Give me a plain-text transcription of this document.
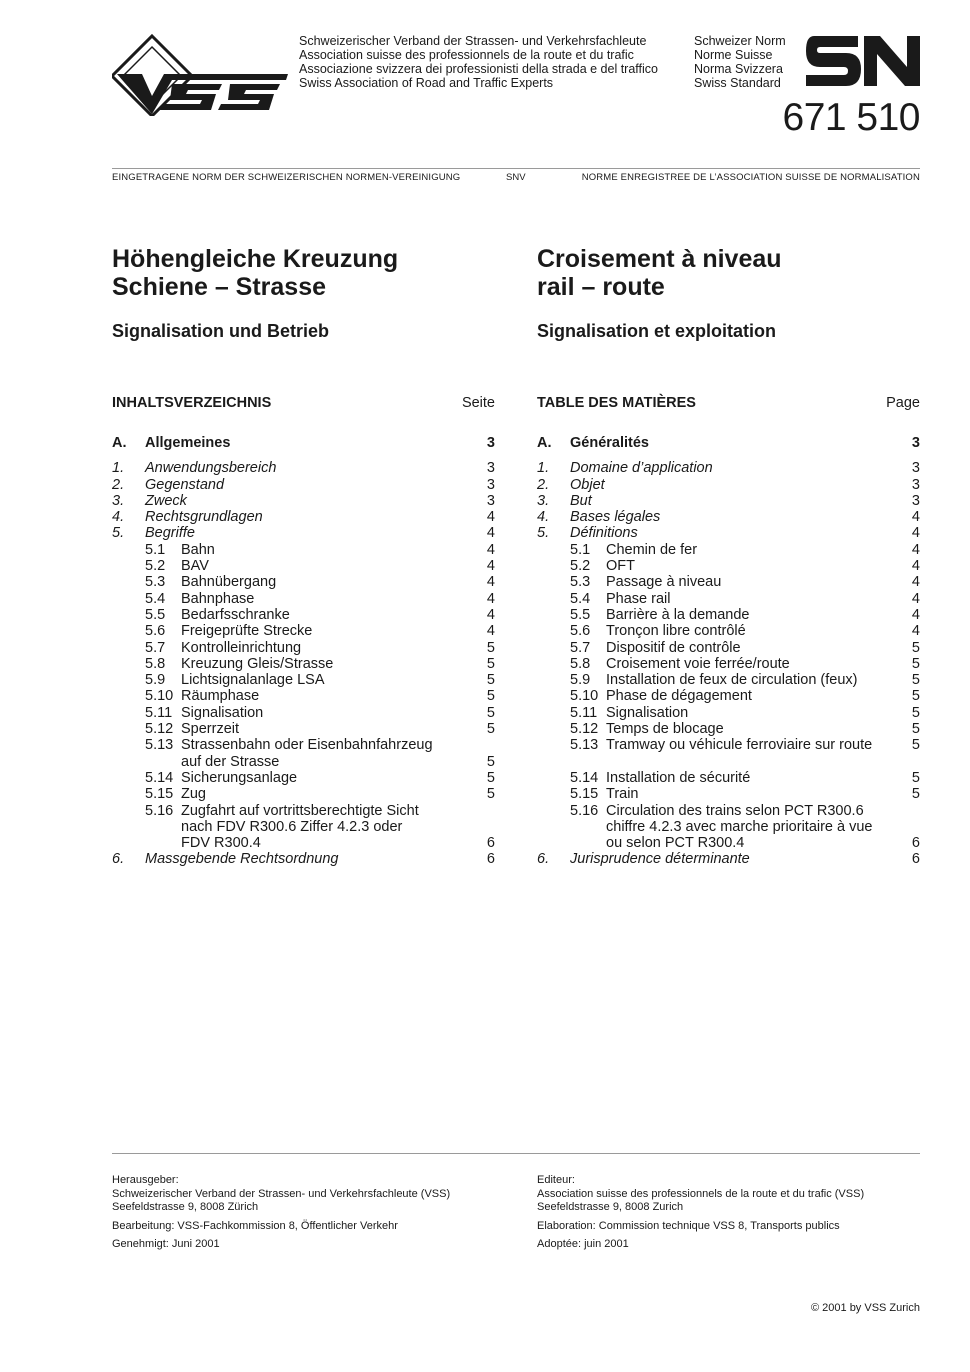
Schweizerischer Verband der Strassen- und Verkehrsfachleute
Association suisse des professionnels de la route et du trafic
Associazione svizzera dei professionisti della strada e del traffico
Swiss Association of Road and Traffic Experts
Schweizer Norm
Norme Suisse
Norma Svizzera
Swiss Standard
671 510
EINGETRAGENE NORM DER SCHWEIZERISCHEN NORMEN-VEREINIGUNG	SNV	NORME ENREGISTREE DE L’ASSOCIATION SUISSE DE NORMALISATION
Höhengleiche Kreuzung
Schiene – Strasse
Signalisation und Betrieb
INHALTSVERZEICHNIS	Seite
A. Allgemeines	3
1. Anwendungsbereich	3
2. Gegenstand	3
3. Zweck	3
4. Rechtsgrundlagen	4
5. Begriffe	4
5.1 Bahn	4
5.2 BAV	4
5.3 Bahnübergang	4
5.4 Bahnphase	4
5.5 Bedarfsschranke	4
5.6 Freigeprüfte Strecke	4
5.7 Kontrolleinrichtung	5
5.8 Kreuzung Gleis/Strasse	5
5.9 Lichtsignalanlage LSA	5
5.10 Räumphase	5
5.11 Signalisation	5
5.12 Sperrzeit	5
5.13 Strassenbahn oder Eisenbahnfahrzeug
auf der Strasse	5
5.14 Sicherungsanlage	5
5.15 Zug	5
5.16 Zugfahrt auf vortrittsberechtigte Sicht
nach FDV R300.6 Ziffer 4.2.3 oder
FDV R300.4	6
6. Massgebende Rechtsordnung	6
Croisement à niveau
rail – route
Signalisation et exploitation
TABLE DES MATIÈRES	Page
A. Généralités	3
1. Domaine d’application	3
2. Objet	3
3. But	3
4. Bases légales	4
5. Définitions	4
5.1 Chemin de fer	4
5.2 OFT	4
5.3 Passage à niveau	4
5.4 Phase rail	4
5.5 Barrière à la demande	4
5.6 Tronçon libre contrôlé	4
5.7 Dispositif de contrôle	5
5.8 Croisement voie ferrée/route	5
5.9 Installation de feux de circulation (feux)	5
5.10 Phase de dégagement	5
5.11 Signalisation	5
5.12 Temps de blocage	5
5.13 Tramway ou véhicule ferroviaire sur route	5
5.14 Installation de sécurité	5
5.15 Train	5
5.16 Circulation des trains selon PCT R300.6
chiffre 4.2.3 avec marche prioritaire à vue
ou selon PCT R300.4	6
6. Jurisprudence déterminante	6

Herausgeber:
Schweizerischer Verband der Strassen- und Verkehrsfachleute (VSS)
Seefeldstrasse 9, 8008 Zürich

Bearbeitung: VSS-Fachkommission 8, Öffentlicher Verkehr

Genehmigt: Juni 2001

Editeur:
Association suisse des professionnels de la route et du trafic (VSS)
Seefeldstrasse 9, 8008 Zurich

Elaboration: Commission technique VSS 8, Transports publics

Adoptée: juin 2001

© 2001 by VSS Zurich
